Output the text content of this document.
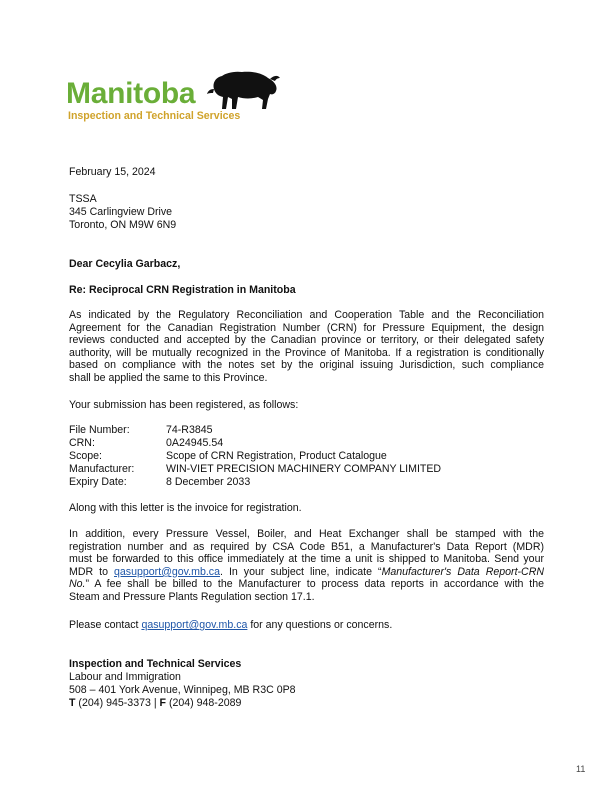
Manitoba
Inspection and Technical Services
February 15, 2024
TSSA
345 Carlingview Drive
Toronto, ON M9W 6N9
Dear Cecylia Garbacz,
Re: Reciprocal CRN Registration in Manitoba
As indicated by the Regulatory Reconciliation and Cooperation Table and the Reconciliation
Agreement for the Canadian Registration Number (CRN) for Pressure Equipment, the design
reviews conducted and accepted by the Canadian province or territory, or their delegated safety
authority, will be mutually recognized in the Province of Manitoba. If a registration is conditionally
based on compliance with the notes set by the original issuing Jurisdiction, such compliance
shall be applied the same to this Province.
Your submission has been registered, as follows:
File Number:	74-R3845
CRN:	0A24945.54
Scope:	Scope of CRN Registration, Product Catalogue
Manufacturer:	WIN-VIET PRECISION MACHINERY COMPANY LIMITED
Expiry Date:	8 December 2033
Along with this letter is the invoice for registration.
In addition, every Pressure Vessel, Boiler, and Heat Exchanger shall be stamped with the
registration number and as required by CSA Code B51, a Manufacturer's Data Report (MDR)
must be forwarded to this office immediately at the time a unit is shipped to Manitoba. Send your
MDR to qasupport@gov.mb.ca. In your subject line, indicate “Manufacturer's Data Report-CRN
No.” A fee shall be billed to the Manufacturer to process data reports in accordance with the
Steam and Pressure Plants Regulation section 17.1.
Please contact qasupport@gov.mb.ca for any questions or concerns.
Inspection and Technical Services
Labour and Immigration
508 – 401 York Avenue, Winnipeg, MB R3C 0P8
T (204) 945-3373 | F (204) 948-2089
11
